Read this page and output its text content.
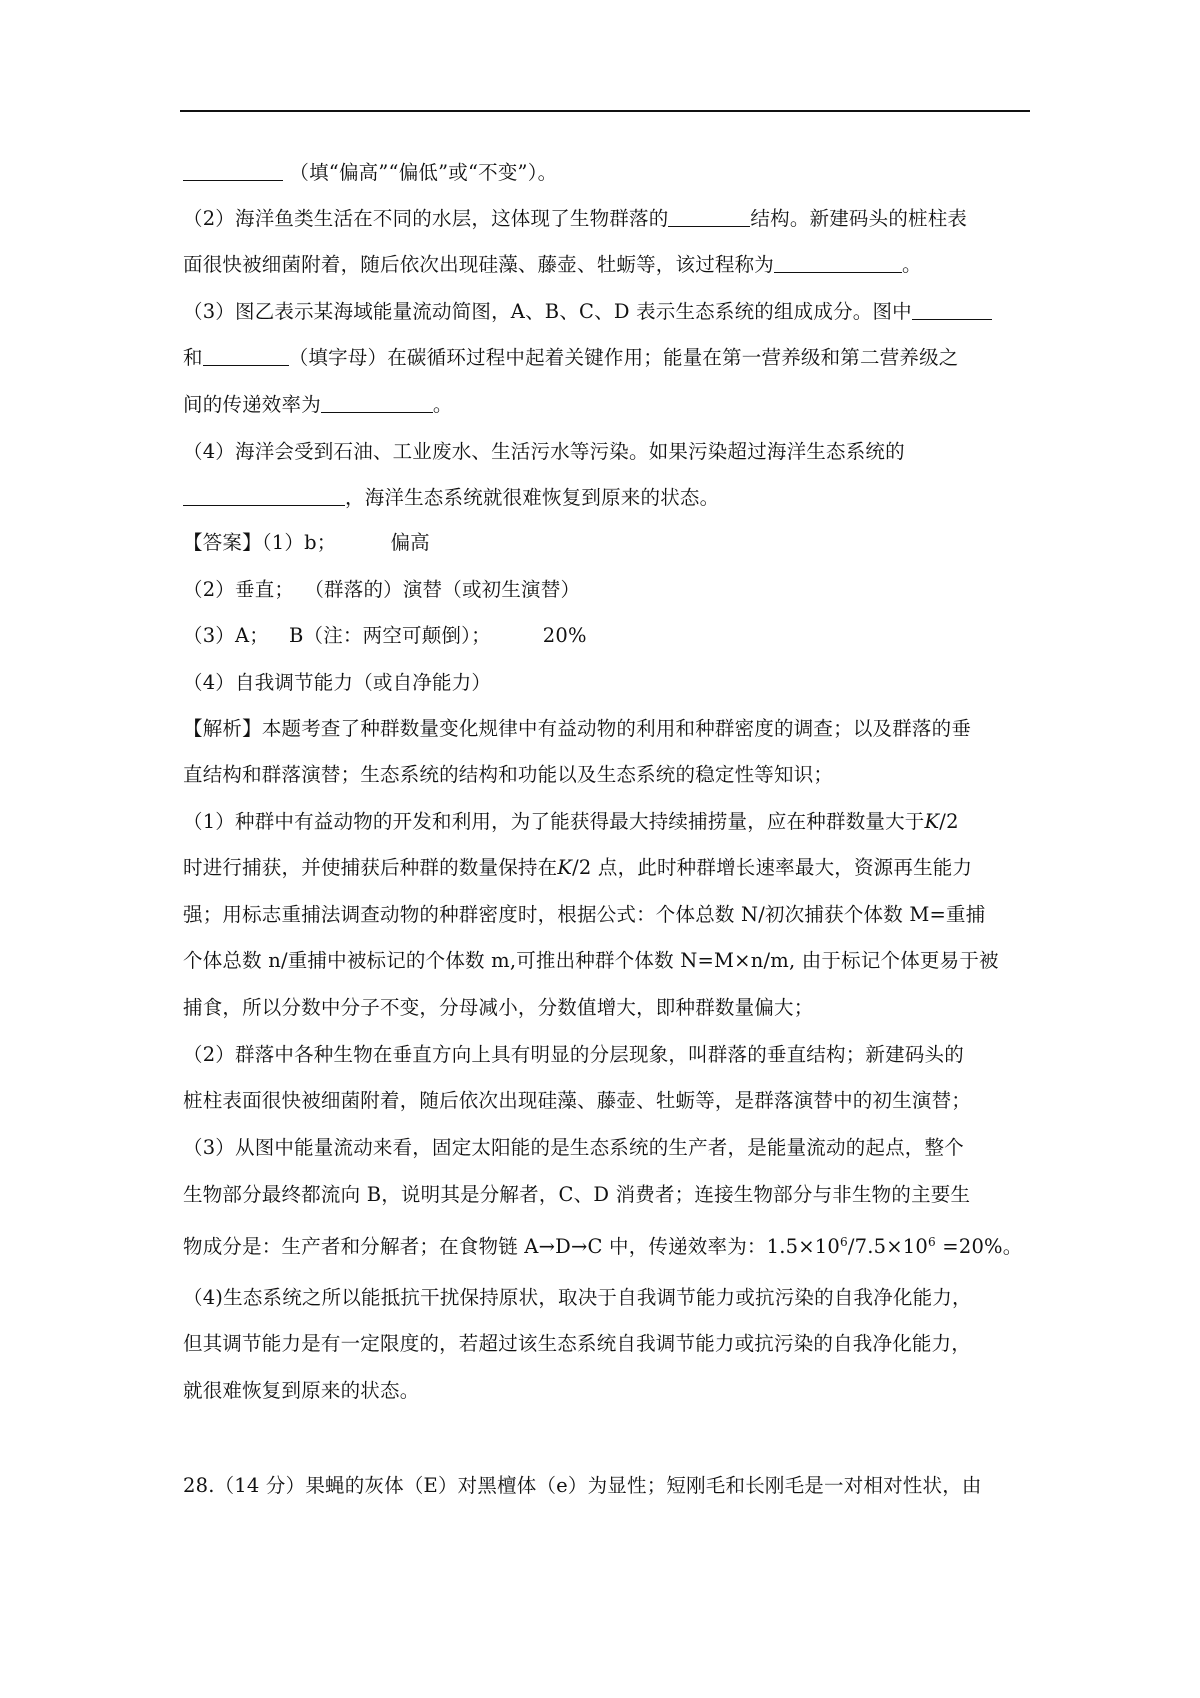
（填“偏高”“偏低”或“不变”）。
（2）海洋鱼类生活在不同的水层，这体现了生物群落的	结构。新建码头的桩柱表
面很快被细菌附着，随后依次出现硅藻、藤壶、牡蛎等，该过程称为	。
（3）图乙表示某海域能量流动简图，A、B、C、D 表示生态系统的组成成分。图中
和	（填字母）在碳循环过程中起着关键作用；能量在第一营养级和第二营养级之
间的传递效率为	。
（4）海洋会受到石油、工业废水、生活污水等污染。如果污染超过海洋生态系统的
，海洋生态系统就很难恢复到原来的状态。
【答案】（1）b；	偏高
（2）垂直； （群落的）演替（或初生演替）
（3）A； B（注：两空可颠倒）；	20%
（4）自我调节能力（或自净能力）
【解析】本题考查了种群数量变化规律中有益动物的利用和种群密度的调查；以及群落的垂
直结构和群落演替；生态系统的结构和功能以及生态系统的稳定性等知识；
（1）种群中有益动物的开发和利用，为了能获得最大持续捕捞量，应在种群数量大于K/2
时进行捕获，并使捕获后种群的数量保持在K/2 点，此时种群增长速率最大，资源再生能力
强；用标志重捕法调查动物的种群密度时，根据公式：个体总数 N/初次捕获个体数 M=重捕
个体总数 n/重捕中被标记的个体数 m,可推出种群个体数 N=M×n/m, 由于标记个体更易于被
捕食，所以分数中分子不变，分母减小，分数值增大，即种群数量偏大；
（2）群落中各种生物在垂直方向上具有明显的分层现象，叫群落的垂直结构；新建码头的
桩柱表面很快被细菌附着，随后依次出现硅藻、藤壶、牡蛎等，是群落演替中的初生演替；
（3）从图中能量流动来看，固定太阳能的是生态系统的生产者，是能量流动的起点，整个
生物部分最终都流向 B，说明其是分解者，C、D 消费者；连接生物部分与非生物的主要生
物成分是：生产者和分解者；在食物链 A→D→C 中，传递效率为：$1.5\times 10^6/7.5\times 10^6 =20\%$。
（4)生态系统之所以能抵抗干扰保持原状，取决于自我调节能力或抗污染的自我净化能力，
但其调节能力是有一定限度的，若超过该生态系统自我调节能力或抗污染的自我净化能力，
就很难恢复到原来的状态。
28.（14 分）果蝇的灰体（E）对黑檀体（e）为显性；短刚毛和长刚毛是一对相对性状，由
